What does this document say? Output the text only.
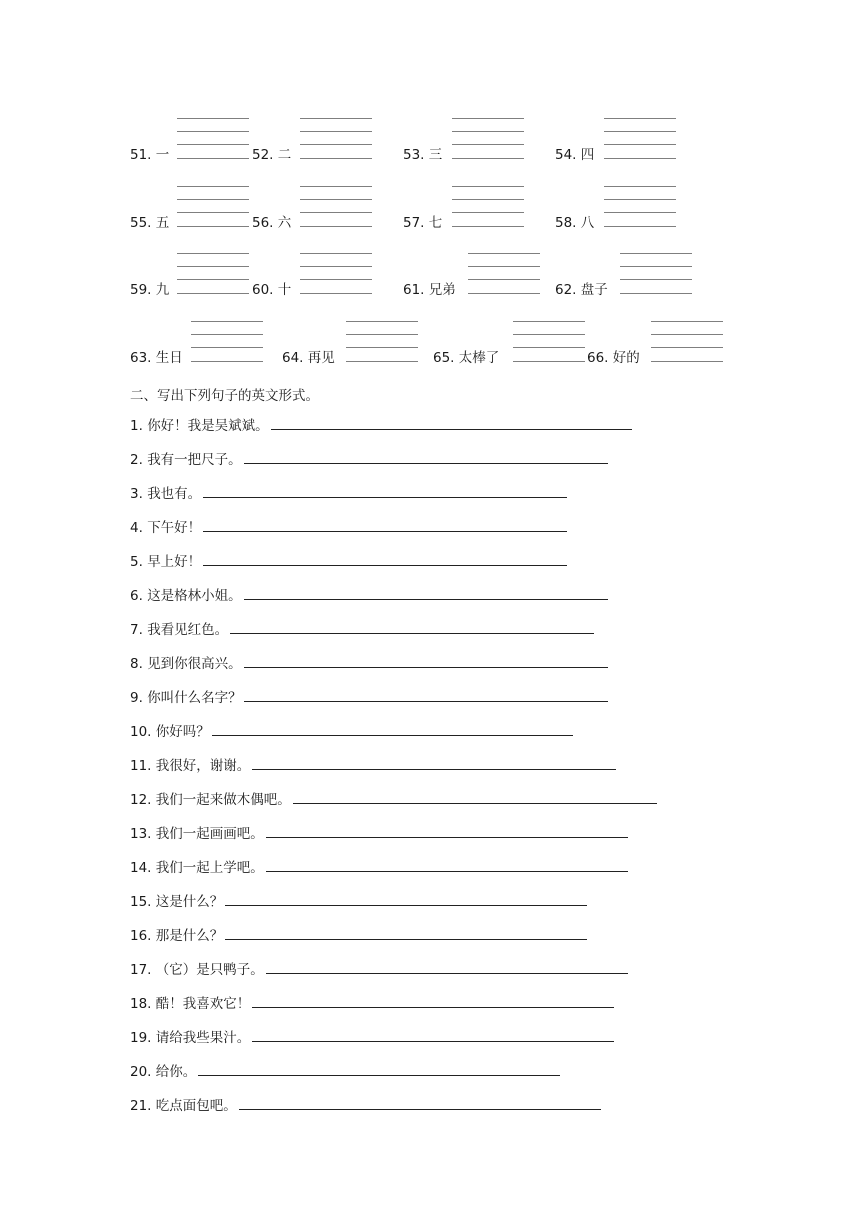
51. 一	52. 二	53. 三	54. 四
55. 五	56. 六	57. 七	58. 八
59. 九	60. 十	61. 兄弟	62. 盘子
63. 生日	64. 再见	65. 太棒了	66. 好的
二、写出下列句子的英文形式。
1. 你好！我是吴斌斌。
2. 我有一把尺子。
3. 我也有。
4. 下午好！
5. 早上好！
6. 这是格林小姐。
7. 我看见红色。
8. 见到你很高兴。
9. 你叫什么名字？
10. 你好吗？
11. 我很好，谢谢。
12. 我们一起来做木偶吧。
13. 我们一起画画吧。
14. 我们一起上学吧。
15. 这是什么？
16. 那是什么？
17. （它）是只鸭子。
18. 酷！我喜欢它！
19. 请给我些果汁。
20. 给你。
21. 吃点面包吧。
